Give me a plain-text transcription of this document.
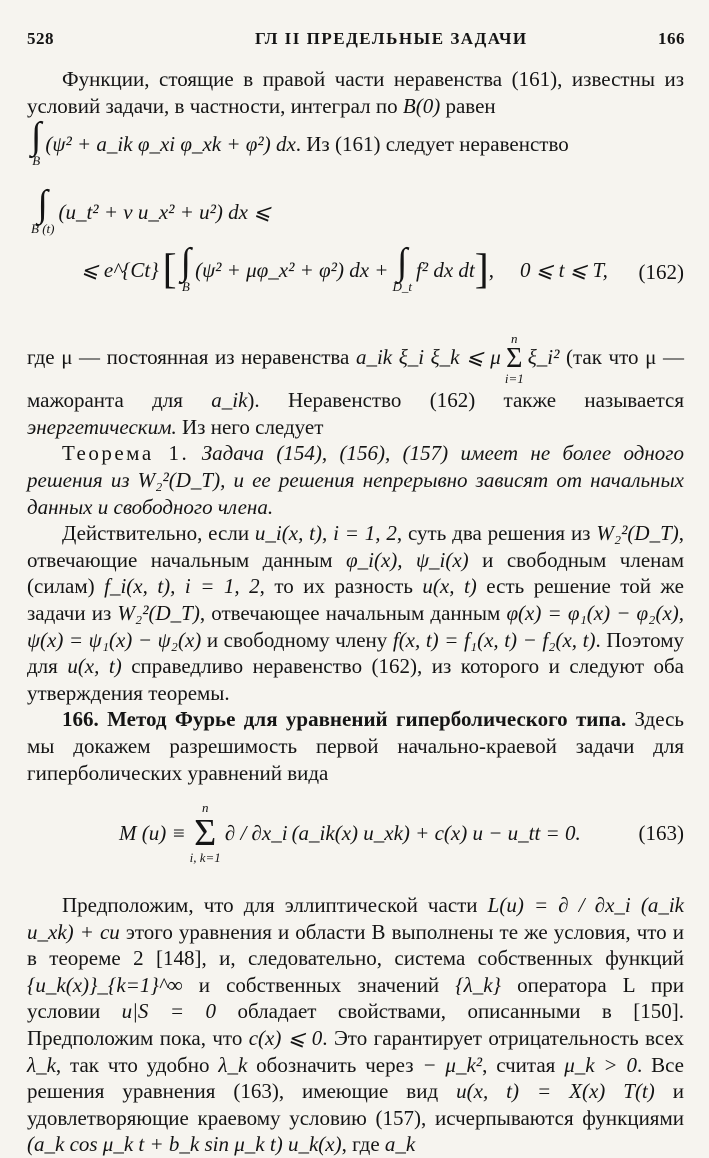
528	ГЛ II ПРЕДЕЛЬНЫЕ ЗАДАЧИ	166

Функции, стоящие в правой части неравенства (161), известны из условий задачи, в частности, интеграл по B(0) равен

∫
B
(ψ² + a_ik φ_xi φ_xk + φ²) dx . Из (161) следует неравенство
∫
B (t)
(u_t² + ν u_x² + u²) dx ⩽
⩽ e^{Ct} [ ∫
B
(ψ² + μφ_x² + φ²) dx + ∫
D_t
f² dx dt ] , 0 ⩽ t ⩽ T, (162)

где μ — постоянная из неравенства a_ik ξ_i ξ_k ⩽ μ
n
Σ
i=1
ξ_i² (так что μ — мажоранта для a_ik). Неравенство (162) также называется энергетическим. Из него следует

Теорема 1. Задача (154), (156), (157) имеет не более одного решения из W₂²(D_T), и ее решения непрерывно зависят от начальных данных и свободного члена.

Действительно, если u_i(x, t), i = 1, 2, суть два решения из W₂²(D_T), отвечающие начальным данным φ_i(x), ψ_i(x) и свободным членам (силам) f_i(x, t), i = 1, 2, то их разность u(x, t) есть решение той же задачи из W₂²(D_T), отвечающее начальным данным φ(x) = φ₁(x) − φ₂(x), ψ(x) = ψ₁(x) − ψ₂(x) и свободному члену f(x, t) = f₁(x, t) − f₂(x, t). Поэтому для u(x, t) справедливо неравенство (162), из которого и следуют оба утверждения теоремы.

166. Метод Фурье для уравнений гиперболического типа. Здесь мы докажем разрешимость первой начально-краевой задачи для гиперболических уравнений вида

M (u) ≡
n
Σ
i, k=1
∂ / ∂x_i (a_ik(x) u_xk) + c(x) u − u_tt = 0.	(163)

Предположим, что для эллиптической части L(u) = ∂ / ∂x_i (a_ik u_xk) + cu этого уравнения и области B выполнены те же условия, что и в теореме 2 [148], и, следовательно, система собственных функций {u_k(x)}_{k=1}^∞ и собственных значений {λ_k} оператора L при условии u|S = 0 обладает свойствами, описанными в [150]. Предположим пока, что c(x) ⩽ 0. Это гарантирует отрицательность всех λ_k, так что удобно λ_k обозначить через − μ_k², считая μ_k > 0. Все решения уравнения (163), имеющие вид u(x, t) = X(x) T(t) и удовлетворяющие краевому условию (157), исчерпываются функциями (a_k cos μ_k t + b_k sin μ_k t) u_k(x), где a_k
